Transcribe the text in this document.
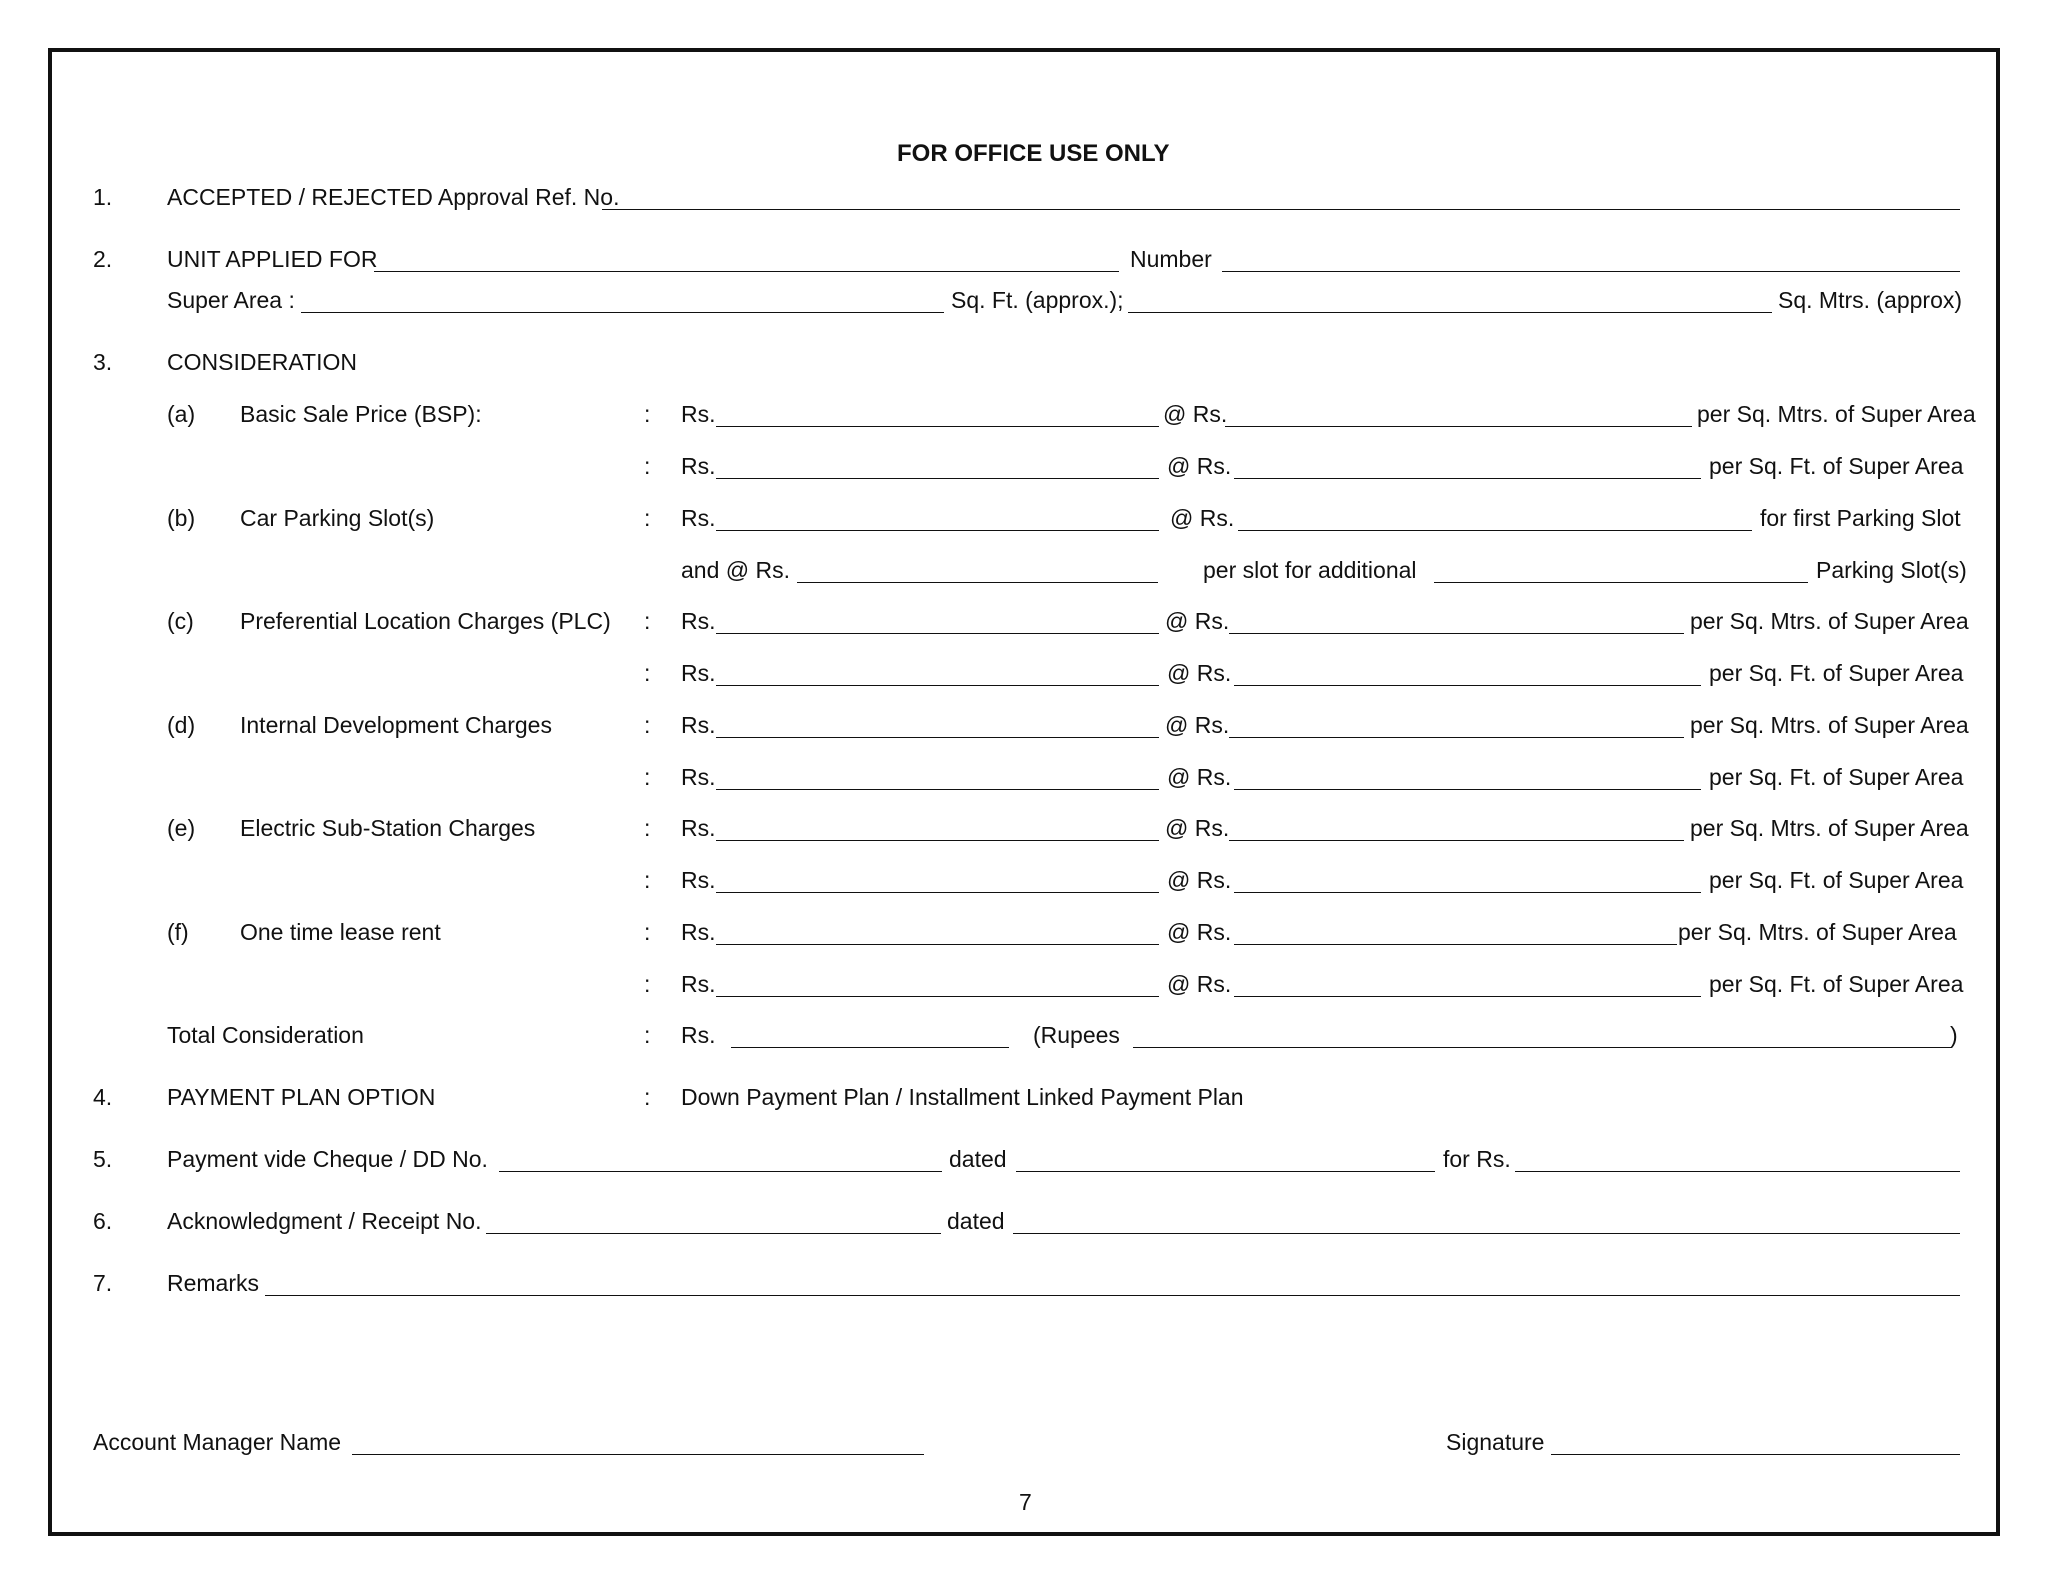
FOR OFFICE USE ONLY
1. ACCEPTED / REJECTED Approval Ref. No.
2. UNIT APPLIED FOR	Number
Super Area :	Sq. Ft. (approx.);	Sq. Mtrs. (approx)
3. CONSIDERATION
(a) Basic Sale Price (BSP):	: Rs.	@ Rs.	per Sq. Mtrs. of Super Area
: Rs.	@ Rs.	per Sq. Ft. of Super Area
(b) Car Parking Slot(s)	: Rs.	@ Rs.	for first Parking Slot
and @ Rs.	per slot for additional	Parking Slot(s)
(c) Preferential Location Charges (PLC) : Rs.	@ Rs.	per Sq. Mtrs. of Super Area
: Rs.	@ Rs.	per Sq. Ft. of Super Area
(d) Internal Development Charges	: Rs.	@ Rs.	per Sq. Mtrs. of Super Area
: Rs.	@ Rs.	per Sq. Ft. of Super Area
(e) Electric Sub-Station Charges	: Rs.	@ Rs.	per Sq. Mtrs. of Super Area
: Rs.	@ Rs.	per Sq. Ft. of Super Area
(f) One time lease rent	: Rs.	@ Rs.	per Sq. Mtrs. of Super Area
: Rs.	@ Rs.	per Sq. Ft. of Super Area
Total Consideration	: Rs.	(Rupees	)
4. PAYMENT PLAN OPTION	: Down Payment Plan / Installment Linked Payment Plan
5. Payment vide Cheque / DD No.	dated	for Rs.
6. Acknowledgment / Receipt No.	dated
7. Remarks
Account Manager Name	Signature
7
